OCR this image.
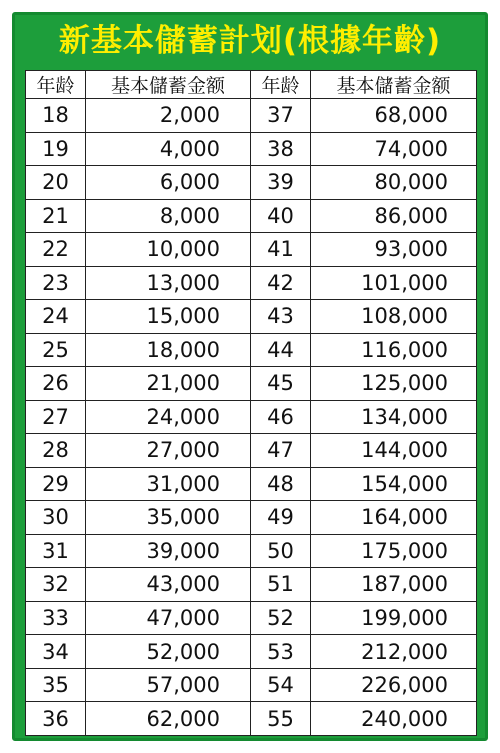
新基本儲蓄計划(根據年齡)
年龄	基本儲蓄金额	年龄	基本儲蓄金额
18	2,000	37	68,000
19	4,000	38	74,000
20	6,000	39	80,000
21	8,000	40	86,000
22	10,000	41	93,000
23	13,000	42	101,000
24	15,000	43	108,000
25	18,000	44	116,000
26	21,000	45	125,000
27	24,000	46	134,000
28	27,000	47	144,000
29	31,000	48	154,000
30	35,000	49	164,000
31	39,000	50	175,000
32	43,000	51	187,000
33	47,000	52	199,000
34	52,000	53	212,000
35	57,000	54	226,000
36	62,000	55	240,000
